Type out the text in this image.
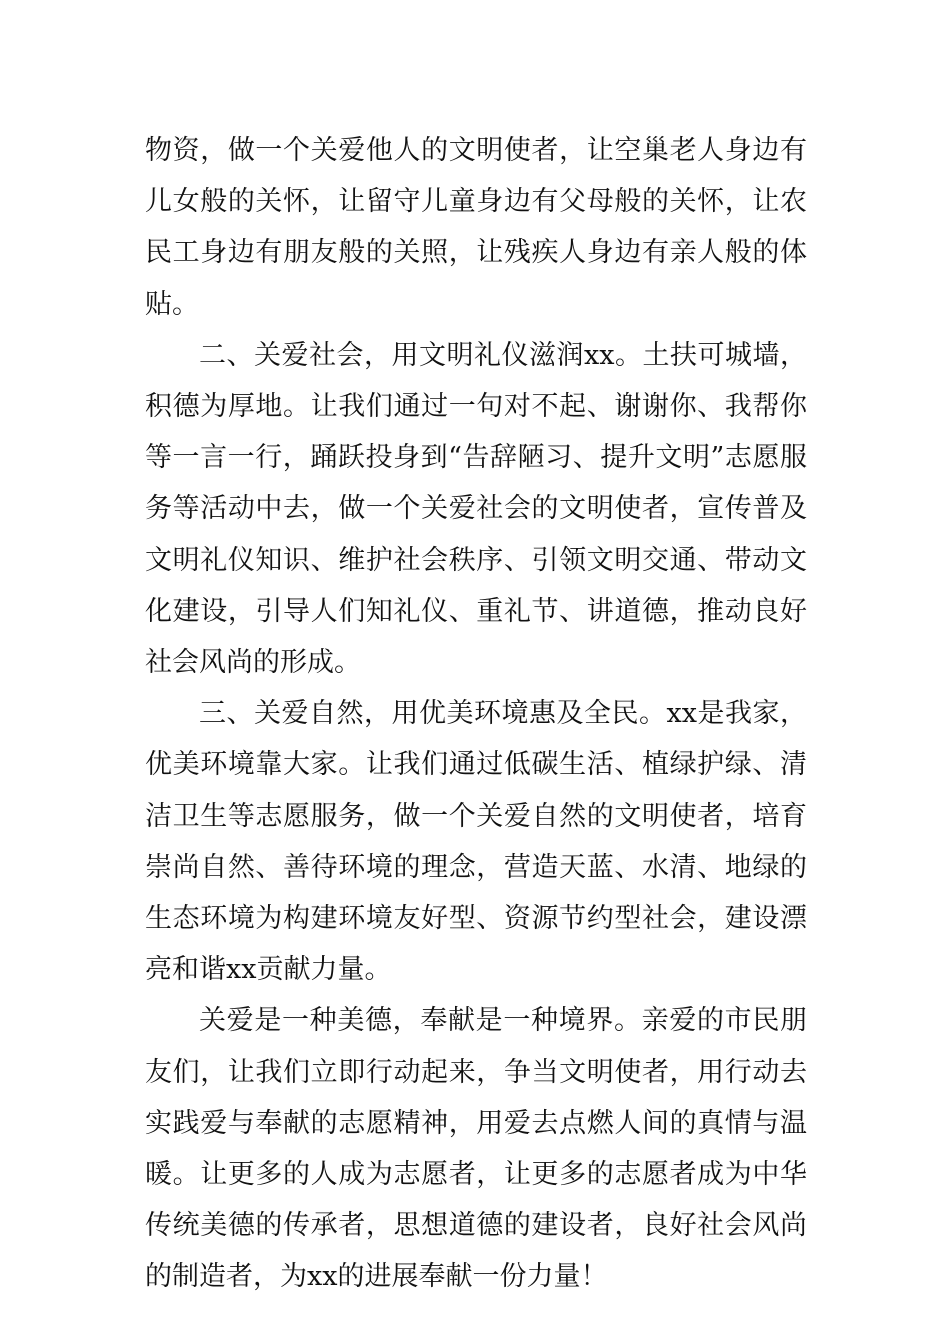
物资，做一个关爱他人的文明使者，让空巢老人身边有儿女般的关怀，让留守儿童身边有父母般的关怀，让农民工身边有朋友般的关照，让残疾人身边有亲人般的体贴。

二、关爱社会，用文明礼仪滋润xx。土扶可城墙，积德为厚地。让我们通过一句对不起、谢谢你、我帮你等一言一行，踊跃投身到“告辞陋习、提升文明”志愿服务等活动中去，做一个关爱社会的文明使者，宣传普及文明礼仪知识、维护社会秩序、引领文明交通、带动文化建设，引导人们知礼仪、重礼节、讲道德，推动良好社会风尚的形成。

三、关爱自然，用优美环境惠及全民。xx是我家，优美环境靠大家。让我们通过低碳生活、植绿护绿、清洁卫生等志愿服务，做一个关爱自然的文明使者，培育崇尚自然、善待环境的理念，营造天蓝、水清、地绿的生态环境为构建环境友好型、资源节约型社会，建设漂亮和谐xx贡献力量。

关爱是一种美德，奉献是一种境界。亲爱的市民朋友们，让我们立即行动起来，争当文明使者，用行动去实践爱与奉献的志愿精神，用爱去点燃人间的真情与温暖。让更多的人成为志愿者，让更多的志愿者成为中华传统美德的传承者，思想道德的建设者，良好社会风尚的制造者，为xx的进展奉献一份力量！
